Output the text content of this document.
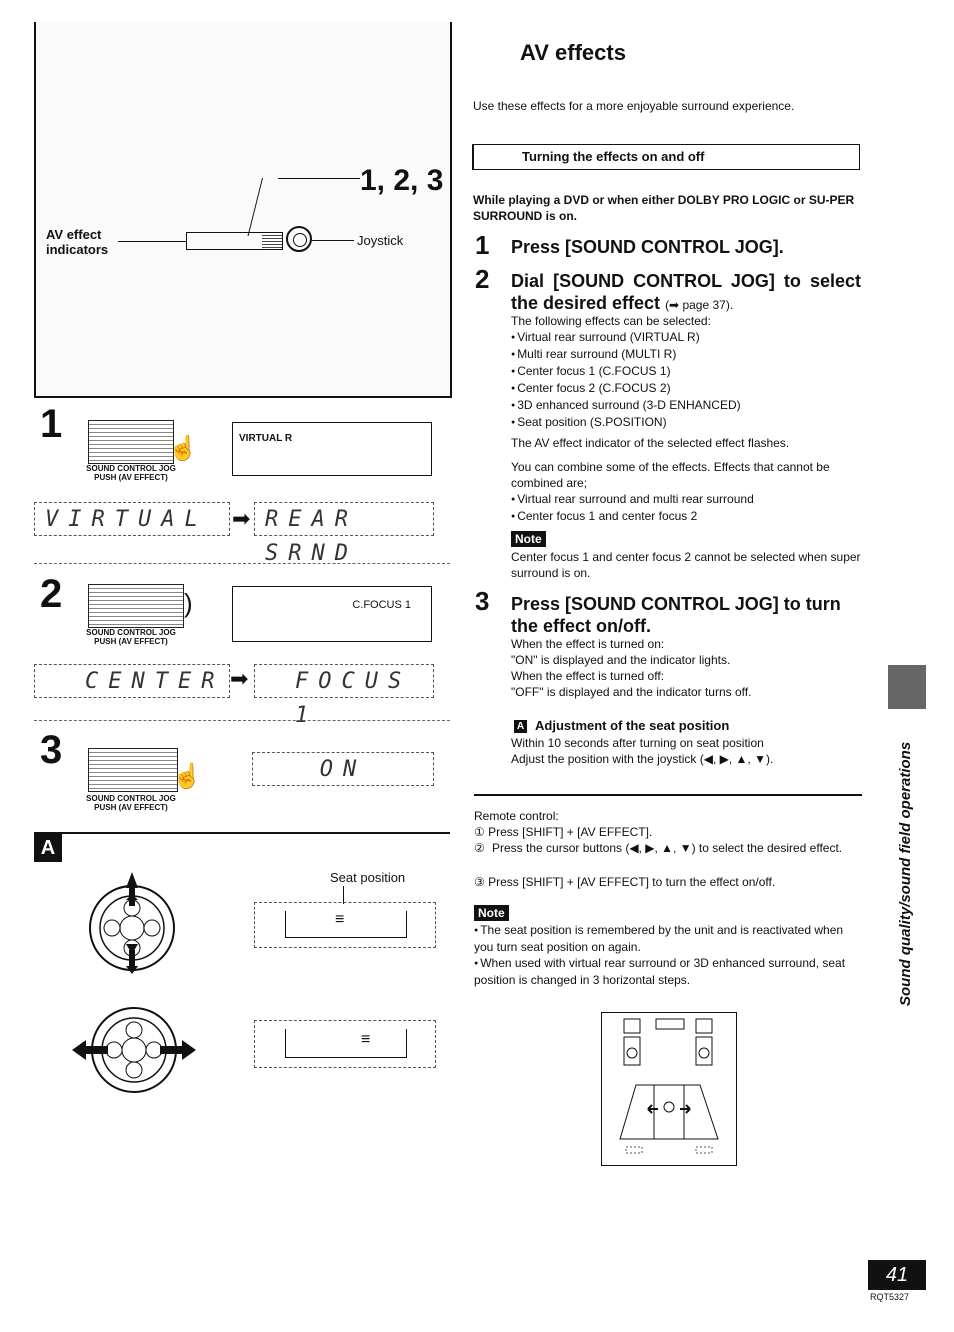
1, 2, 3
AV effect
indicators
Joystick
1
☝
SOUND CONTROL JOG
PUSH (AV EFFECT)
VIRTUAL R
VIRTUAL	➡ REAR SRND
2	)
SOUND CONTROL JOG
PUSH (AV EFFECT)
C.FOCUS 1
CENTER ➡	FOCUS 1
3
☝
SOUND CONTROL JOG
PUSH (AV EFFECT)
ON
A
Seat position
≡
≡
AV effects
Use these effects for a more enjoyable surround experience.
Turning the effects on and off
While playing a DVD or when either DOLBY PRO LOGIC or SU-PER SURROUND is on.
1 Press [SOUND CONTROL JOG].
2 Dial [SOUND CONTROL JOG] to select the desired effect (➡ page 37).
The following effects can be selected:
● Virtual rear surround (VIRTUAL R)
● Multi rear surround (MULTI R)
● Center focus 1 (C.FOCUS 1)
● Center focus 2 (C.FOCUS 2)
● 3D enhanced surround (3-D ENHANCED)
● Seat position (S.POSITION)
The AV effect indicator of the selected effect flashes.
You can combine some of the effects. Effects that cannot be combined are;
● Virtual rear surround and multi rear surround
● Center focus 1 and center focus 2
Note
Center focus 1 and center focus 2 cannot be selected when super surround is on.
3 Press [SOUND CONTROL JOG] to turn the effect on/off.
When the effect is turned on:
"ON" is displayed and the indicator lights.
When the effect is turned off:
"OFF" is displayed and the indicator turns off.
A Adjustment of the seat position
Within 10 seconds after turning on seat position
Adjust the position with the joystick (◀, ▶, ▲, ▼).
Remote control:
① Press [SHIFT] + [AV EFFECT].
② Press the cursor buttons (◀, ▶, ▲, ▼) to select the desired effect.
③ Press [SHIFT] + [AV EFFECT] to turn the effect on/off.
Note
● The seat position is remembered by the unit and is reactivated when you turn seat position on again.
● When used with virtual rear surround or 3D enhanced surround, seat position is changed in 3 horizontal steps.	Sound quality/sound field operations
41
RQT5327
